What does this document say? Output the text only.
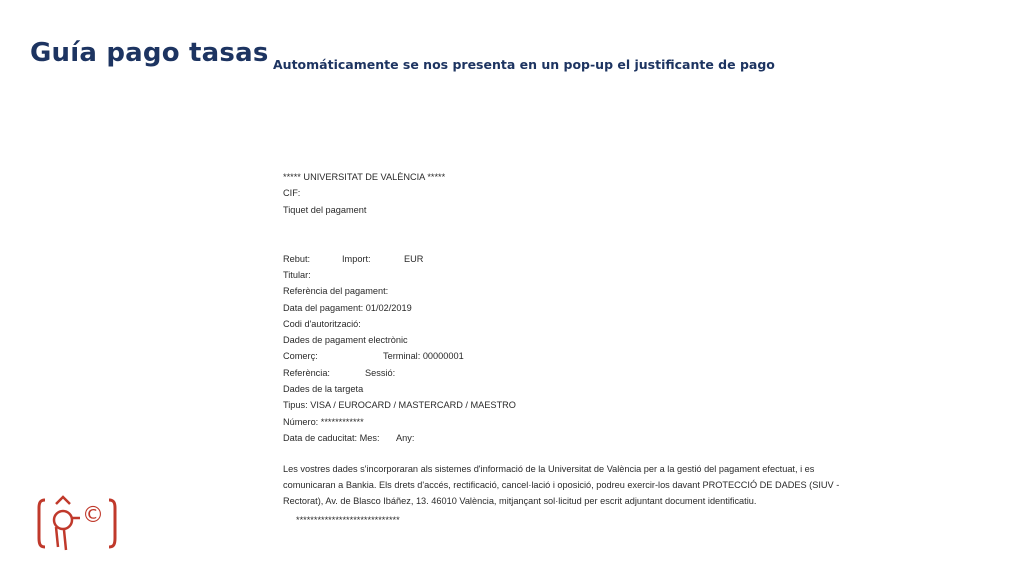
Guía pago tasas Automáticamente se nos presenta en un pop-up el justificante de pago
***** UNIVERSITAT DE VALÈNCIA *****
CIF:
Tiquet del pagament
Rebut:	Import:	EUR
Titular:
Referència del pagament:
Data del pagament: 01/02/2019
Codi d'autorització:
Dades de pagament electrònic
Comerç:	Terminal: 00000001
Referència:	Sessió:
Dades de la targeta
Tipus: VISA / EUROCARD / MASTERCARD / MAESTRO
Número: ************
Data de caducitat: Mes: Any:
Les vostres dades s'incorporaran als sistemes d'informació de la Universitat de València per a la gestió del pagament efectuat, i es comunicaran a Bankia. Els drets d'accés, rectificació, cancel·lació i oposició, podreu exercir-los davant PROTECCIÓ DE DADES (SIUV - Rectorat), Av. de Blasco Ibáñez, 13. 46010 València, mitjançant sol·licitud per escrit adjuntant document identificatiu.
*****************************
©
